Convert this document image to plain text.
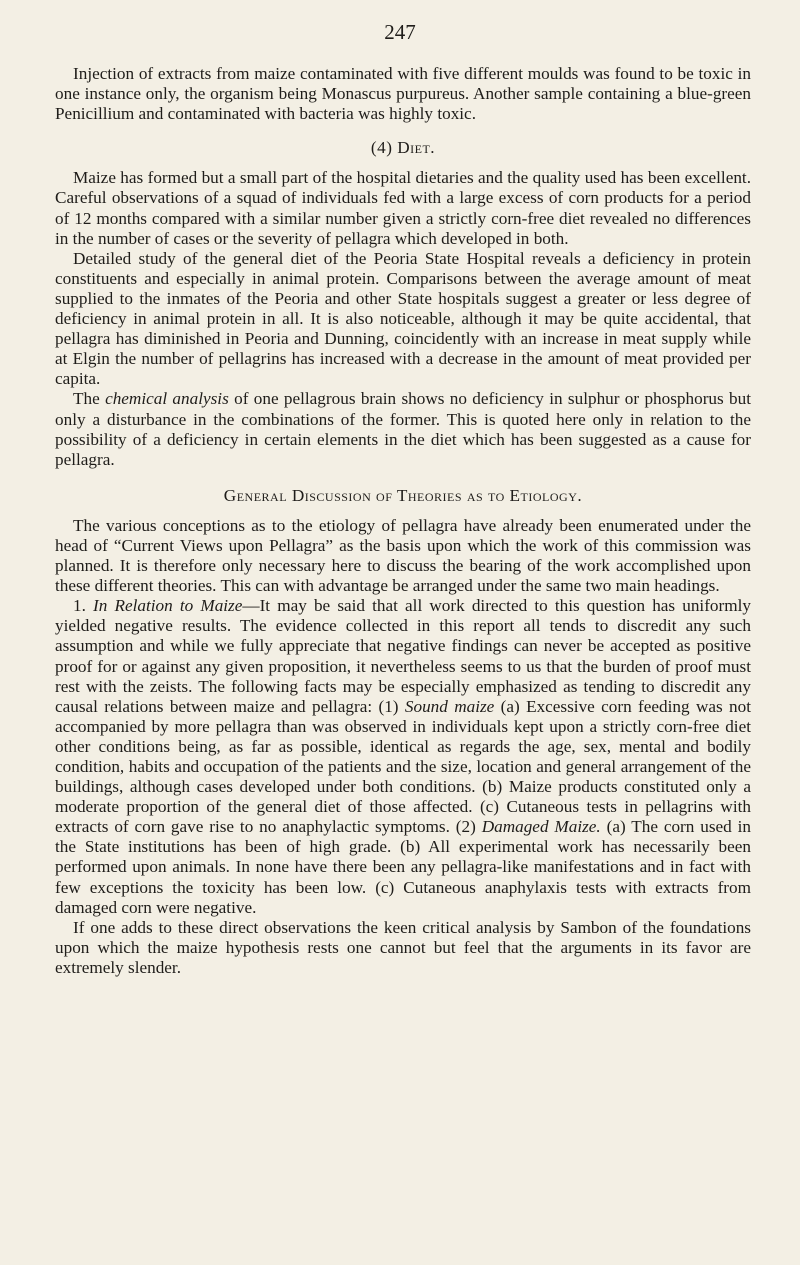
247

Injection of extracts from maize contaminated with five different moulds was found to be toxic in one instance only, the organism being Monascus purpureus. Another sample containing a blue-green Penicillium and contaminated with bacteria was highly toxic.

(4) Diet.

Maize has formed but a small part of the hospital dietaries and the quality used has been excellent. Careful observations of a squad of individuals fed with a large excess of corn products for a period of 12 months compared with a similar number given a strictly corn-free diet revealed no differences in the number of cases or the severity of pellagra which developed in both.

Detailed study of the general diet of the Peoria State Hospital reveals a deficiency in protein constituents and especially in animal protein. Comparisons between the average amount of meat supplied to the inmates of the Peoria and other State hospitals suggest a greater or less degree of deficiency in animal protein in all. It is also noticeable, although it may be quite accidental, that pellagra has diminished in Peoria and Dunning, coincidently with an increase in meat supply while at Elgin the number of pellagrins has increased with a decrease in the amount of meat provided per capita.

The chemical analysis of one pellagrous brain shows no deficiency in sulphur or phosphorus but only a disturbance in the combinations of the former. This is quoted here only in relation to the possibility of a deficiency in certain elements in the diet which has been suggested as a cause for pellagra.

General Discussion of Theories as to Etiology.

The various conceptions as to the etiology of pellagra have already been enumerated under the head of “Current Views upon Pellagra” as the basis upon which the work of this commission was planned. It is therefore only necessary here to discuss the bearing of the work accomplished upon these different theories. This can with advantage be arranged under the same two main headings.

1. In Relation to Maize—It may be said that all work directed to this question has uniformly yielded negative results. The evidence collected in this report all tends to discredit any such assumption and while we fully appreciate that negative findings can never be accepted as positive proof for or against any given proposition, it nevertheless seems to us that the burden of proof must rest with the zeists. The following facts may be especially emphasized as tending to discredit any causal relations between maize and pellagra: (1) Sound maize (a) Excessive corn feeding was not accompanied by more pellagra than was observed in individuals kept upon a strictly corn-free diet other conditions being, as far as possible, identical as regards the age, sex, mental and bodily condition, habits and occupation of the patients and the size, location and general arrangement of the buildings, although cases developed under both conditions. (b) Maize products constituted only a moderate proportion of the general diet of those affected. (c) Cutaneous tests in pellagrins with extracts of corn gave rise to no anaphylactic symptoms. (2) Damaged Maize. (a) The corn used in the State institutions has been of high grade. (b) All experimental work has necessarily been performed upon animals. In none have there been any pellagra-like manifestations and in fact with few exceptions the toxicity has been low. (c) Cutaneous anaphylaxis tests with extracts from damaged corn were negative.

If one adds to these direct observations the keen critical analysis by Sambon of the foundations upon which the maize hypothesis rests one cannot but feel that the arguments in its favor are extremely slender.
